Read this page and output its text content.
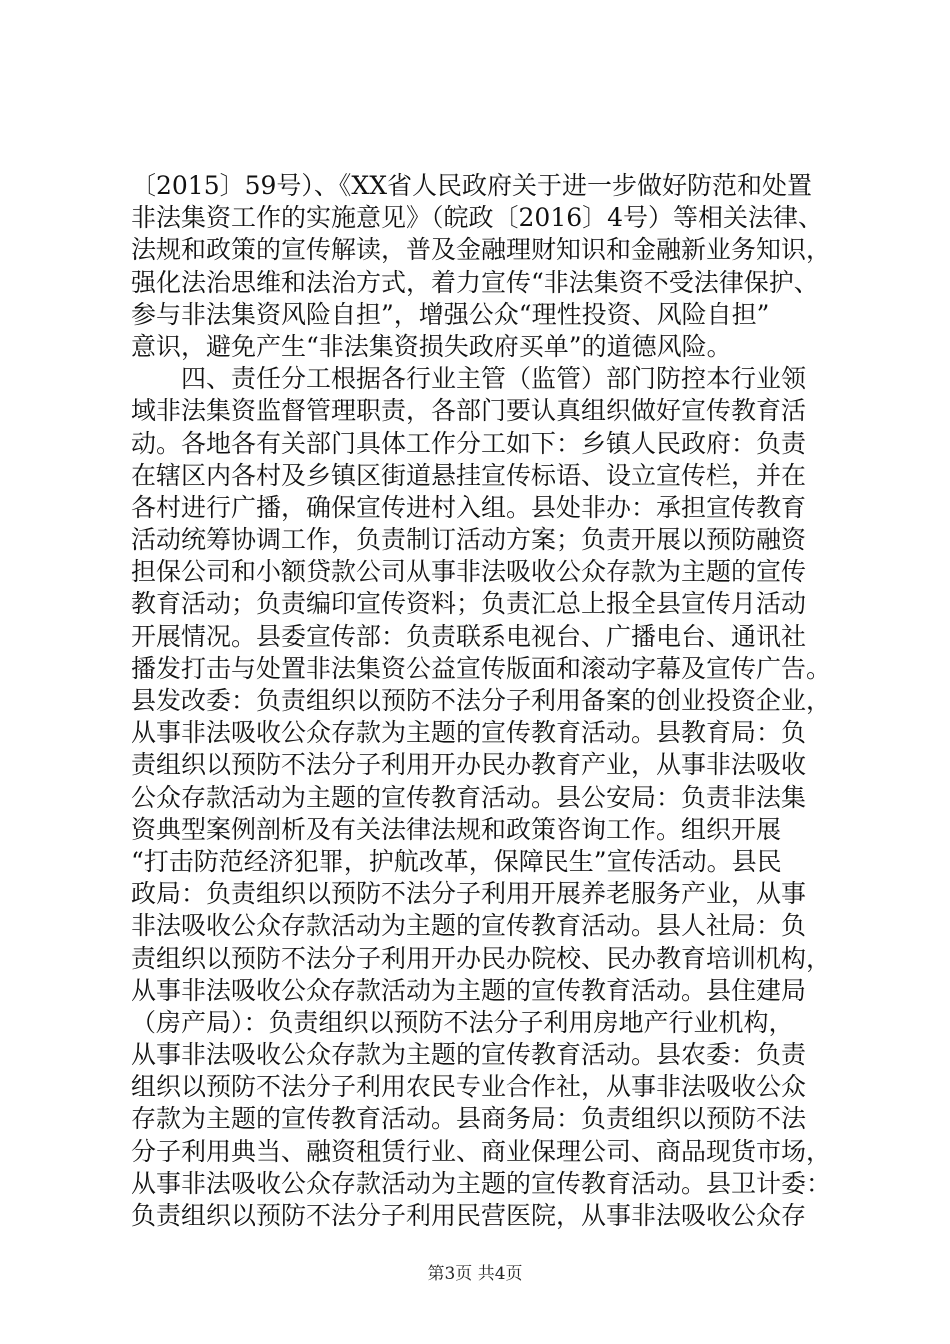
〔2015〕59号）、《XX省人民政府关于进一步做好防范和处置
非法集资工作的实施意见》（皖政〔2016〕4号）等相关法律、
法规和政策的宣传解读，普及金融理财知识和金融新业务知识，
强化法治思维和法治方式，着力宣传“非法集资不受法律保护、
参与非法集资风险自担”，增强公众“理性投资、风险自担”
意识，避免产生“非法集资损失政府买单”的道德风险。
四、责任分工根据各行业主管（监管）部门防控本行业领
域非法集资监督管理职责，各部门要认真组织做好宣传教育活
动。各地各有关部门具体工作分工如下：乡镇人民政府：负责
在辖区内各村及乡镇区街道悬挂宣传标语、设立宣传栏，并在
各村进行广播，确保宣传进村入组。县处非办：承担宣传教育
活动统筹协调工作，负责制订活动方案；负责开展以预防融资
担保公司和小额贷款公司从事非法吸收公众存款为主题的宣传
教育活动；负责编印宣传资料；负责汇总上报全县宣传月活动
开展情况。县委宣传部：负责联系电视台、广播电台、通讯社
播发打击与处置非法集资公益宣传版面和滚动字幕及宣传广告。
县发改委：负责组织以预防不法分子利用备案的创业投资企业，
从事非法吸收公众存款为主题的宣传教育活动。县教育局：负
责组织以预防不法分子利用开办民办教育产业，从事非法吸收
公众存款活动为主题的宣传教育活动。县公安局：负责非法集
资典型案例剖析及有关法律法规和政策咨询工作。组织开展
“打击防范经济犯罪，护航改革，保障民生”宣传活动。县民
政局：负责组织以预防不法分子利用开展养老服务产业，从事
非法吸收公众存款活动为主题的宣传教育活动。县人社局：负
责组织以预防不法分子利用开办民办院校、民办教育培训机构，
从事非法吸收公众存款活动为主题的宣传教育活动。县住建局
（房产局）：负责组织以预防不法分子利用房地产行业机构，
从事非法吸收公众存款为主题的宣传教育活动。县农委：负责
组织以预防不法分子利用农民专业合作社，从事非法吸收公众
存款为主题的宣传教育活动。县商务局：负责组织以预防不法
分子利用典当、融资租赁行业、商业保理公司、商品现货市场，
从事非法吸收公众存款活动为主题的宣传教育活动。县卫计委：
负责组织以预防不法分子利用民营医院，从事非法吸收公众存
第3页 共4页
